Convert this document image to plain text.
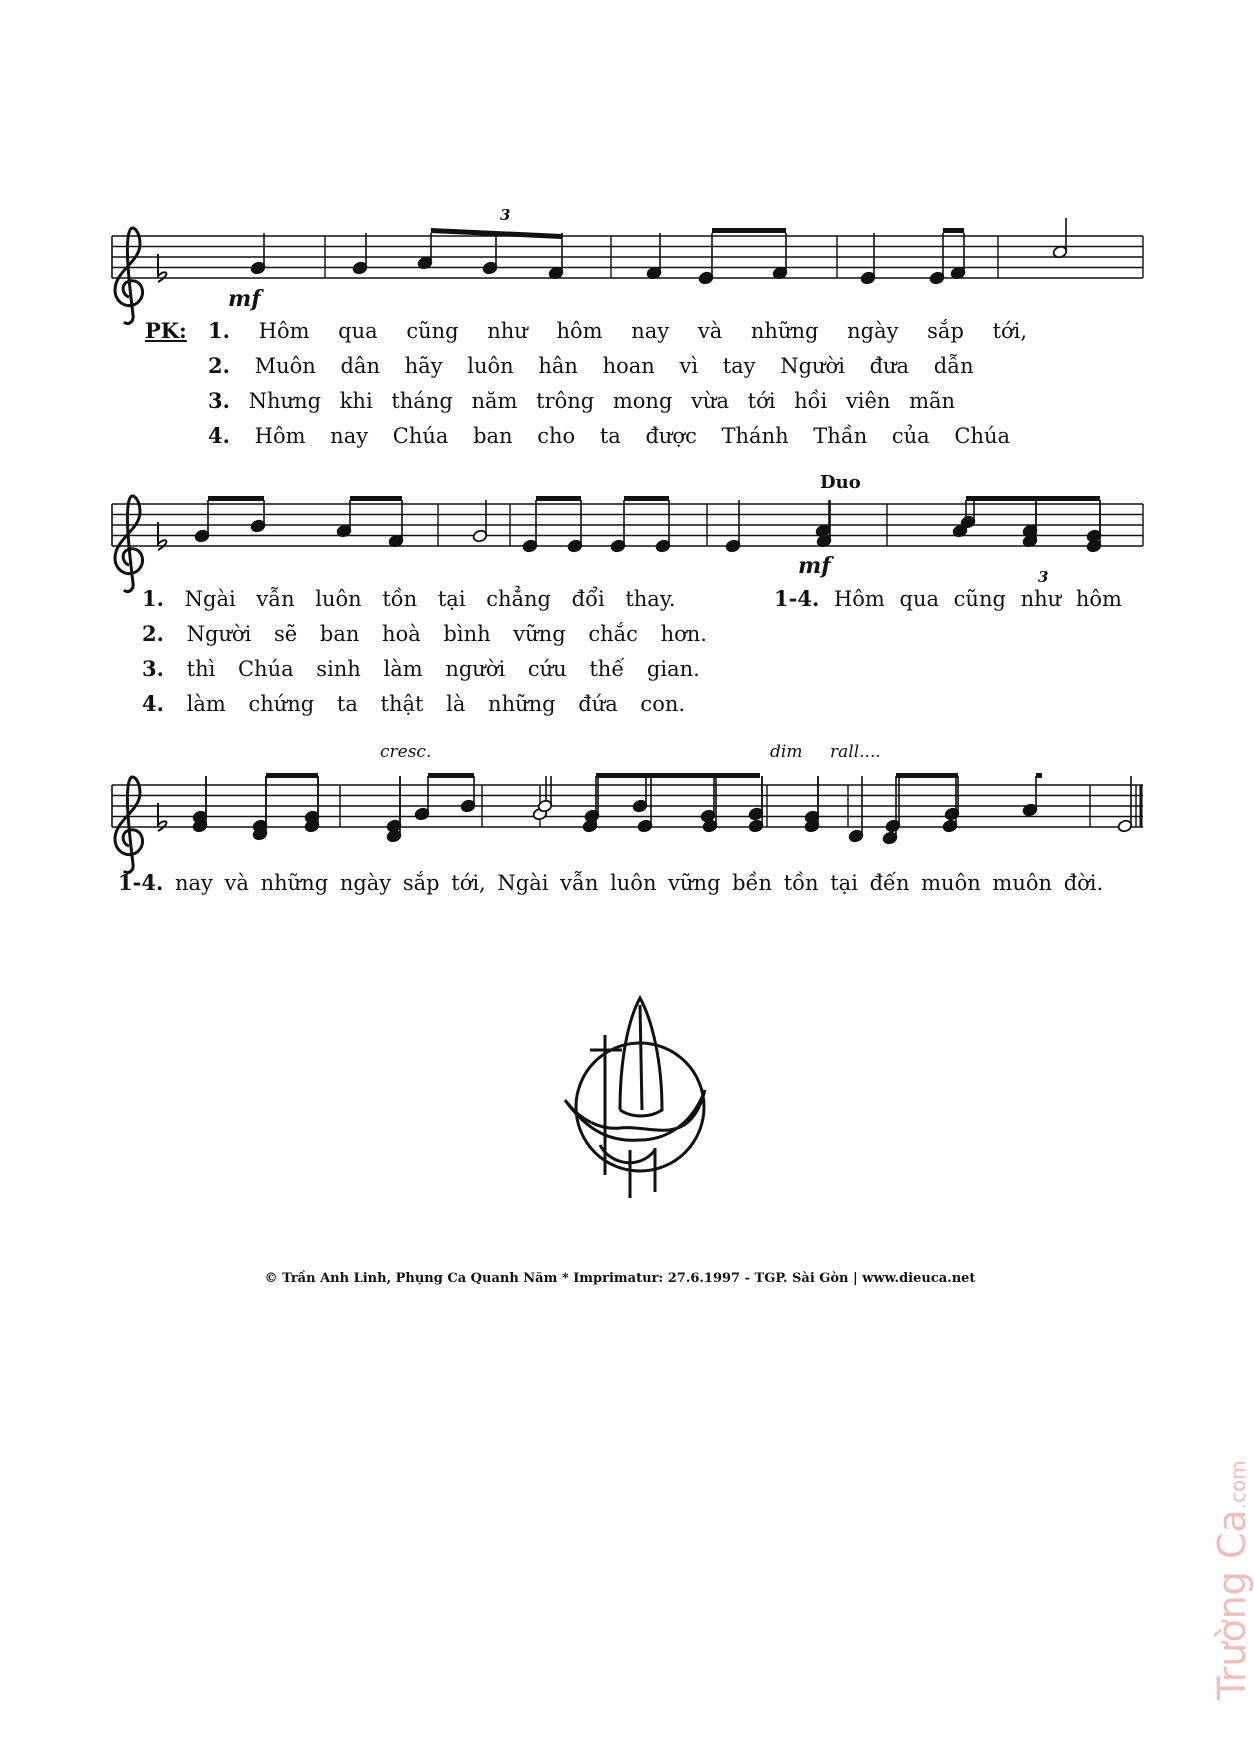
mf
3
Duo
mf	3
cresc.	dim rall....
PK: 1. Hôm qua cũng như hôm nay và những ngày sắp tới,
2. Muôn dân hãy luôn hân hoan vì tay Người đưa dẫn
3. Nhưng khi tháng năm trông mong vừa tới hồi viên mãn
4. Hôm nay Chúa ban cho ta được Thánh Thần của Chúa
1. Ngài vẫn luôn tồn tại chẳng đổi thay.	1-4. Hôm qua cũng như hôm
2. Người sẽ ban hoà bình vững chắc hơn.
3. thì Chúa sinh làm người cứu thế gian.
4. làm chứng ta thật là những đứa con.
1-4. nay và những ngày sắp tới, Ngài vẫn luôn vững bền tồn tại đến muôn muôn đời.
© Trần Anh Linh, Phụng Ca Quanh Năm * Imprimatur: 27.6.1997 - TGP. Sài Gòn | www.dieuca.net
Trường Ca.com
